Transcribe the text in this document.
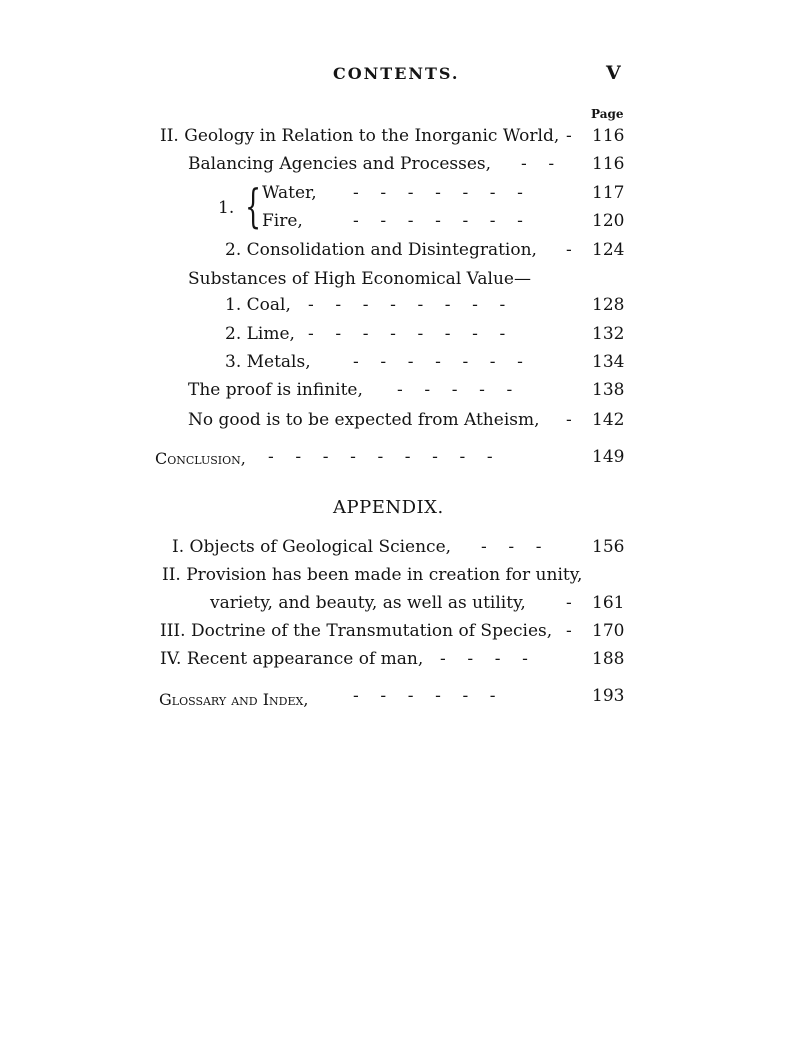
CONTENTS.	V
Page
II. Geology in Relation to the Inorganic World, - 116
Balancing Agencies and Processes, -    - 116
1. { Water, -    -    -    -    -    -    -	117
Fire,	-    -    -    -    -    -    -	120
2. Consolidation and Disintegration, - 124
Substances of High Economical Value—
1. Coal, -    -    -    -    -    -    -    -	128
2. Lime, -    -    -    -    -    -    -    -	132
3. Metals, -    -    -    -    -    -    -	134
The proof is infinite, -    -    -    -    -	138
No good is to be expected from Atheism, - 142
Conclusion, -    -    -    -    -    -    -    -    -	149
APPENDIX.
I. Objects of Geological Science, -    -    -	156
II. Provision has been made in creation for unity,
variety, and beauty, as well as utility, - 161
III. Doctrine of the Transmutation of Species, - 170
IV. Recent appearance of man, -    -    -    -	188
Glossary and Index,	-    -    -    -    -    -	193
